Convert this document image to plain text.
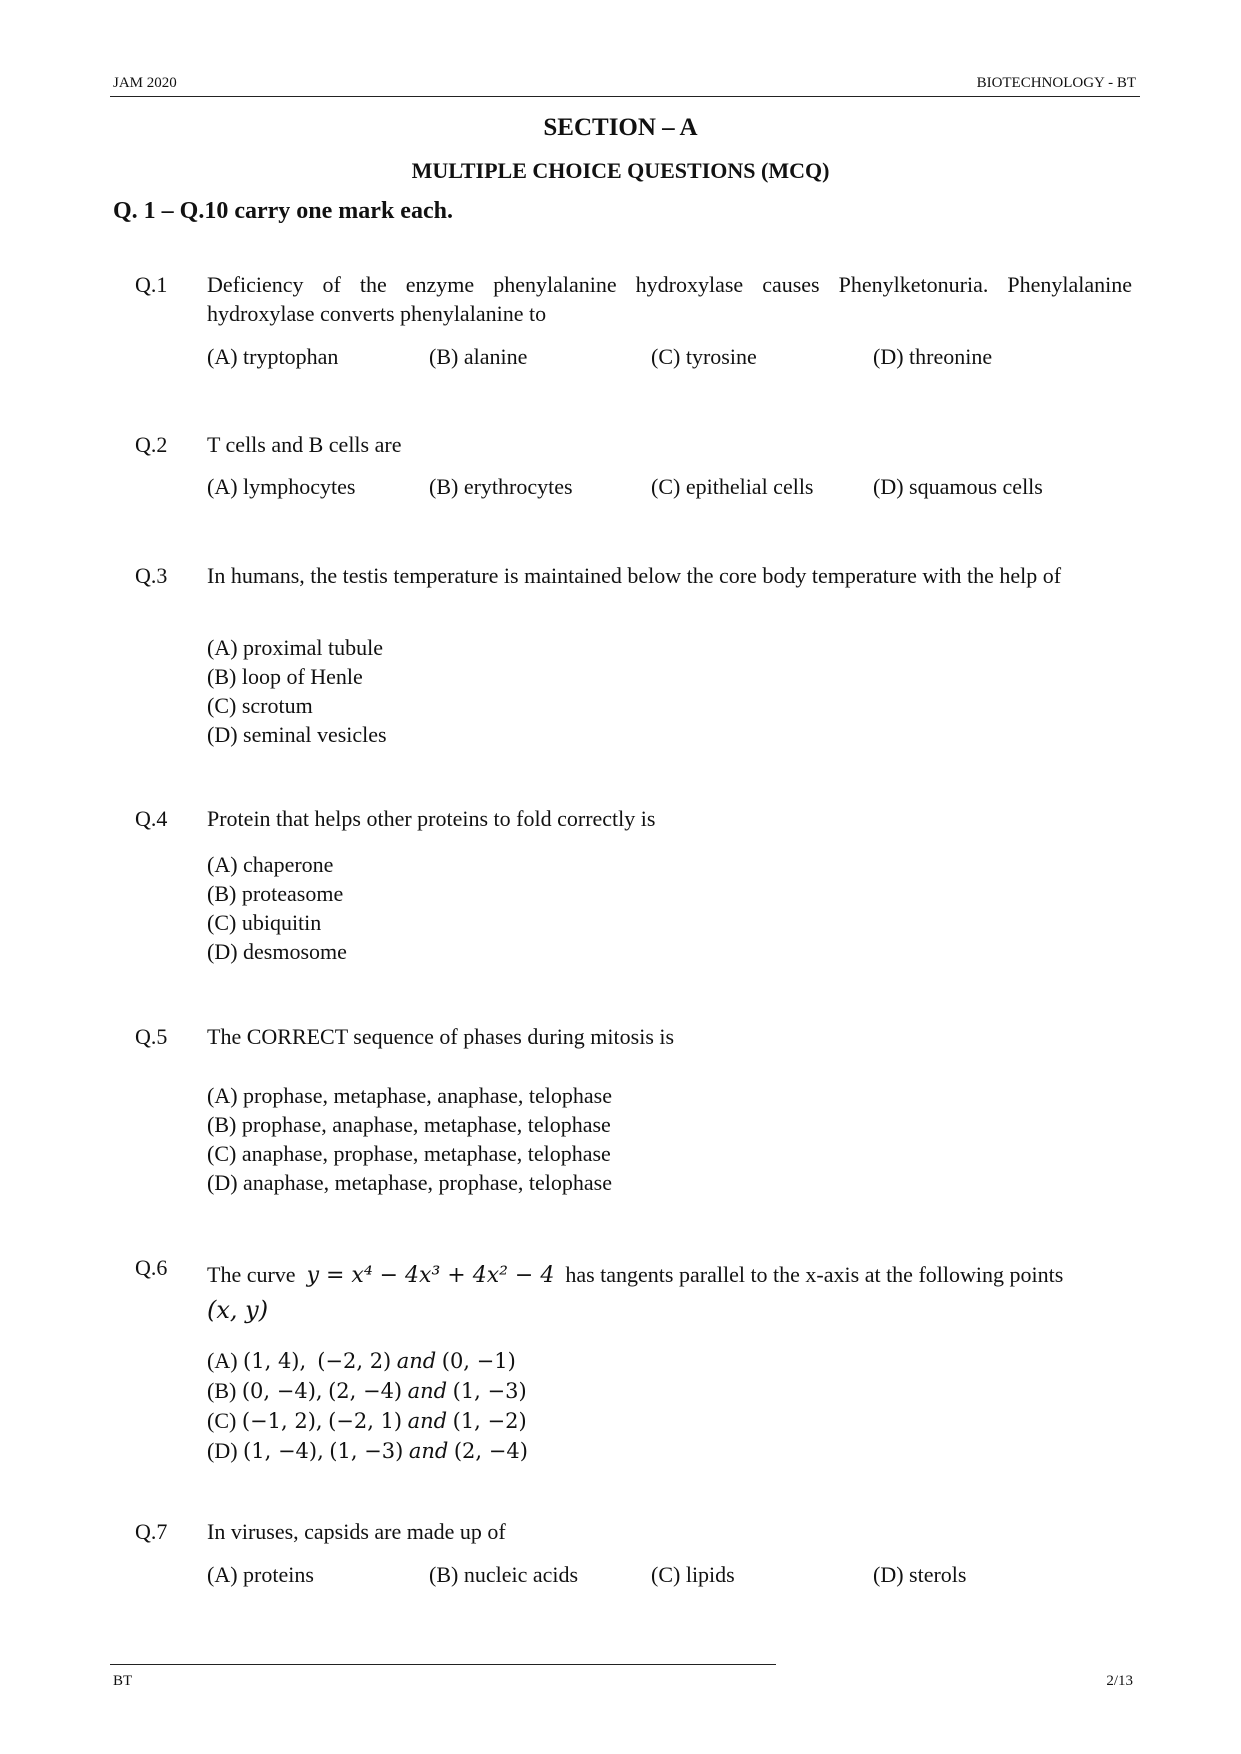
JAM 2020	BIOTECHNOLOGY - BT
SECTION – A
MULTIPLE CHOICE QUESTIONS (MCQ)
Q. 1 – Q.10 carry one mark each.
Q.1 Deficiency of the enzyme phenylalanine hydroxylase causes Phenylketonuria. Phenylalanine hydroxylase converts phenylalanine to
(A) tryptophan	(B) alanine	(C) tyrosine	(D) threonine
Q.2 T cells and B cells are
(A) lymphocytes	(B) erythrocytes	(C) epithelial cells	(D) squamous cells
Q.3 In humans, the testis temperature is maintained below the core body temperature with the help of
(A) proximal tubule
(B) loop of Henle
(C) scrotum
(D) seminal vesicles
Q.4 Protein that helps other proteins to fold correctly is
(A) chaperone
(B) proteasome
(C) ubiquitin
(D) desmosome
Q.5 The CORRECT sequence of phases during mitosis is
(A) prophase, metaphase, anaphase, telophase
(B) prophase, anaphase, metaphase, telophase
(C) anaphase, prophase, metaphase, telophase
(D) anaphase, metaphase, prophase, telophase
Q.6 The curve y = x⁴ − 4x³ + 4x² − 4 has tangents parallel to the x-axis at the following points
(x, y)
(A) (1, 4), (−2, 2) and (0, −1)
(B) (0, −4), (2, −4) and (1, −3)
(C) (−1, 2), (−2, 1) and (1, −2)
(D) (1, −4), (1, −3) and (2, −4)
Q.7 In viruses, capsids are made up of
(A) proteins	(B) nucleic acids	(C) lipids	(D) sterols
BT	2/13
